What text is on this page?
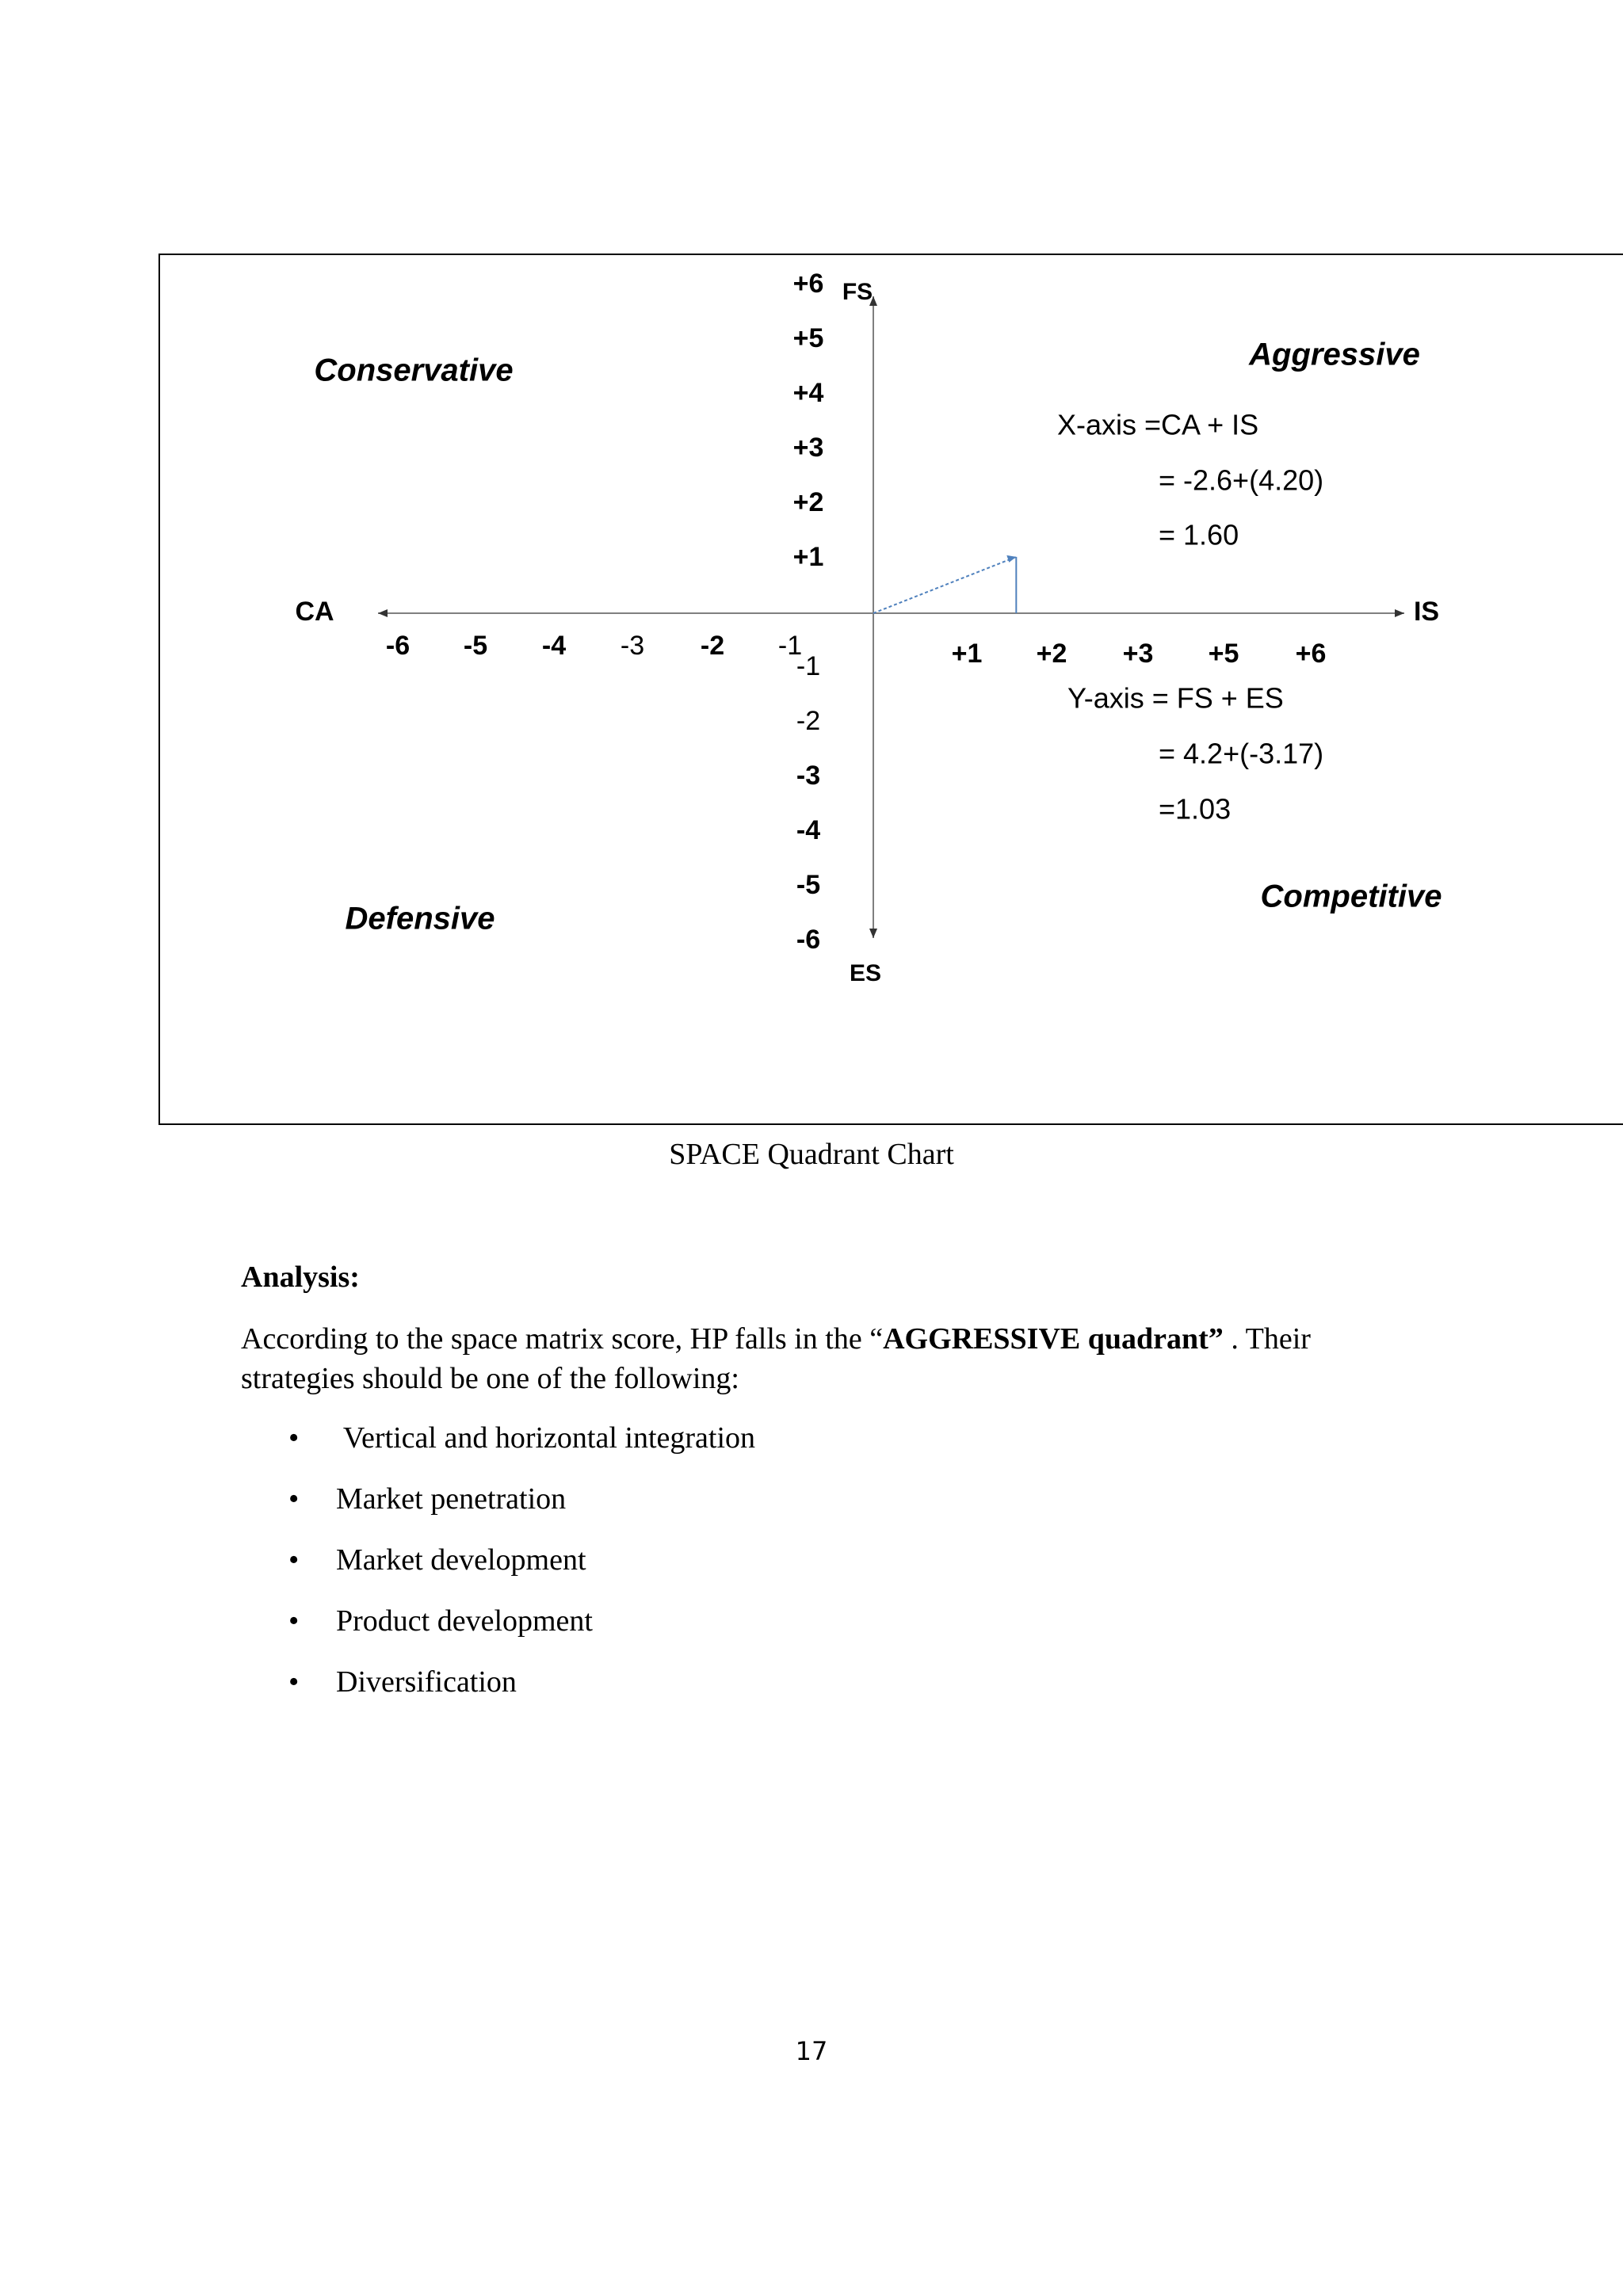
CA	IS
FS
ES
-6 -5 -4 -3 -2 -1	+1 +2 +3 +5 +6
+6
+5
+4
+3
+2
+1
-1
-2
-3
-4
-5
-6
Conservative	Aggressive
Defensive
Competitive
X-axis =CA + IS
= -2.6+(4.20)
= 1.60
Y-axis = FS + ES
= 4.2+(-3.17)
=1.03
SPACE Quadrant Chart
Analysis:
According to the space matrix score, HP falls in the “AGGRESSIVE quadrant” . Their strategies should be one of the following:
• Vertical and horizontal integration
• Market penetration
• Market development
• Product development
• Diversification
17
